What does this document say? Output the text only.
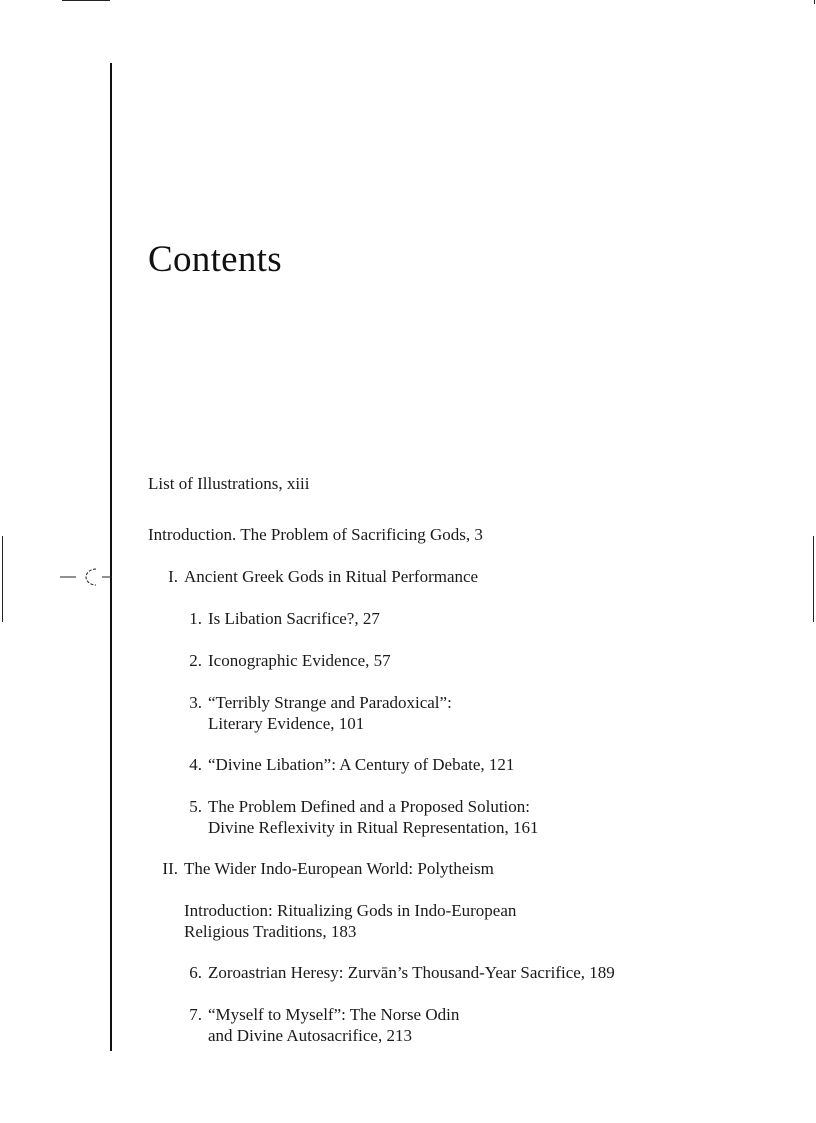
Contents
List of Illustrations, xiii
Introduction. The Problem of Sacrificing Gods, 3
I. Ancient Greek Gods in Ritual Performance
1. Is Libation Sacrifice?, 27
2. Iconographic Evidence, 57
3. “Terribly Strange and Paradoxical”:
Literary Evidence, 101
4. “Divine Libation”: A Century of Debate, 121
5. The Problem Defined and a Proposed Solution:
Divine Reflexivity in Ritual Representation, 161
II. The Wider Indo-European World: Polytheism
Introduction: Ritualizing Gods in Indo-European
Religious Traditions, 183
6. Zoroastrian Heresy: Zurvān’s Thousand-Year Sacrifice, 189
7. “Myself to Myself”: The Norse Odin
and Divine Autosacrifice, 213
